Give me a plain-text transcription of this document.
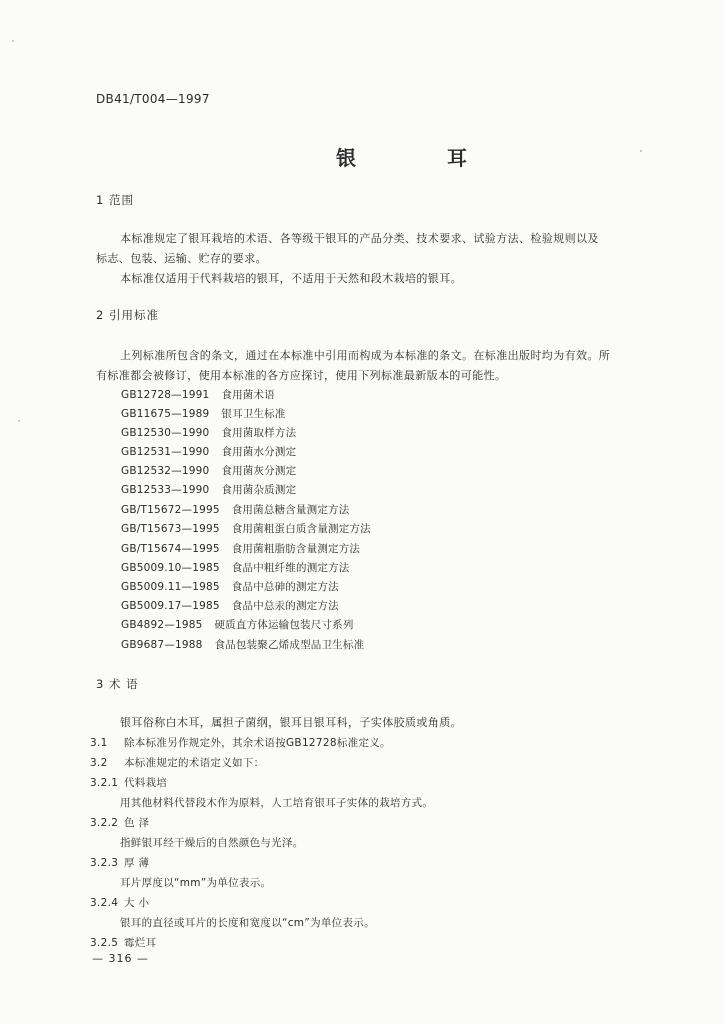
DB41/T004—1997
银 耳
1 范围
本标准规定了银耳栽培的术语、各等级干银耳的产品分类、技术要求、试验方法、检验规则以及
标志、包装、运输、贮存的要求。
本标准仅适用于代料栽培的银耳，不适用于天然和段木栽培的银耳。
2 引用标准
上列标准所包含的条文，通过在本标准中引用而构成为本标准的条文。在标准出版时均为有效。所
有标准都会被修订，使用本标准的各方应探讨，使用下列标准最新版本的可能性。
GB12728—1991 食用菌术语
GB11675—1989 银耳卫生标准
GB12530—1990 食用菌取样方法
GB12531—1990 食用菌水分测定
GB12532—1990 食用菌灰分测定
GB12533—1990 食用菌杂质测定
GB/T15672—1995 食用菌总糖含量测定方法
GB/T15673—1995 食用菌粗蛋白质含量测定方法
GB/T15674—1995 食用菌粗脂肪含量测定方法
GB5009.10—1985 食品中粗纤维的测定方法
GB5009.11—1985 食品中总砷的测定方法
GB5009.17—1985 食品中总汞的测定方法
GB4892—1985 硬质直方体运输包装尺寸系列
GB9687—1988 食品包装聚乙烯成型品卫生标准
3 术 语
银耳俗称白木耳，属担子菌纲，银耳目银耳科，子实体胶质或角质。
3.1 除本标准另作规定外，其余术语按GB12728标准定义。
3.2 本标准规定的术语定义如下：
3.2.1 代料栽培
用其他材料代替段木作为原料，人工培育银耳子实体的栽培方式。
3.2.2 色 泽
指鲜银耳经干燥后的自然颜色与光泽。
3.2.3 厚 薄
耳片厚度以“mm”为单位表示。
3.2.4 大 小
银耳的直径或耳片的长度和宽度以“cm”为单位表示。
3.2.5 霉烂耳
— 316 —
